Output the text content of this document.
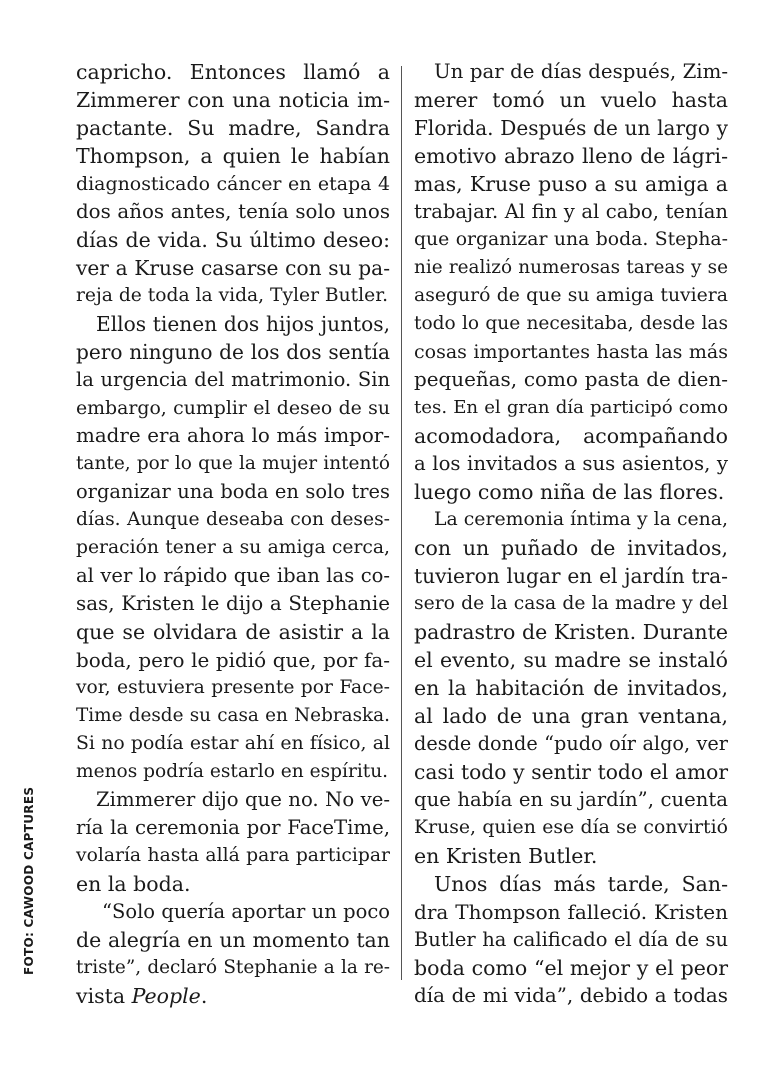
FOTO: CAWOOD CAPTURES

capricho. Entonces llamó a
Zimmerer con una noticia im-
pactante. Su madre, Sandra
Thompson, a quien le habían
diagnosticado cáncer en etapa 4
dos años antes, tenía solo unos
días de vida. Su último deseo:
ver a Kruse casarse con su pa-
reja de toda la vida, Tyler Butler.

Ellos tienen dos hijos juntos,
pero ninguno de los dos sentía
la urgencia del matrimonio. Sin
embargo, cumplir el deseo de su
madre era ahora lo más impor-
tante, por lo que la mujer intentó
organizar una boda en solo tres
días. Aunque deseaba con deses-
peración tener a su amiga cerca,
al ver lo rápido que iban las co-
sas, Kristen le dijo a Stephanie
que se olvidara de asistir a la
boda, pero le pidió que, por fa-
vor, estuviera presente por Face-
Time desde su casa en Nebraska.
Si no podía estar ahí en físico, al
menos podría estarlo en espíritu.

Zimmerer dijo que no. No ve-
ría la ceremonia por FaceTime,
volaría hasta allá para participar
en la boda.

“Solo quería aportar un poco
de alegría en un momento tan
triste”, declaró Stephanie a la re-
vista People.

Un par de días después, Zim-
merer tomó un vuelo hasta
Florida. Después de un largo y
emotivo abrazo lleno de lágri-
mas, Kruse puso a su amiga a
trabajar. Al fin y al cabo, tenían
que organizar una boda. Stepha-
nie realizó numerosas tareas y se
aseguró de que su amiga tuviera
todo lo que necesitaba, desde las
cosas importantes hasta las más
pequeñas, como pasta de dien-
tes. En el gran día participó como
acomodadora, acompañando
a los invitados a sus asientos, y
luego como niña de las flores.

La ceremonia íntima y la cena,
con un puñado de invitados,
tuvieron lugar en el jardín tra-
sero de la casa de la madre y del
padrastro de Kristen. Durante
el evento, su madre se instaló
en la habitación de invitados,
al lado de una gran ventana,
desde donde “pudo oír algo, ver
casi todo y sentir todo el amor
que había en su jardín”, cuenta
Kruse, quien ese día se convirtió
en Kristen Butler.

Unos días más tarde, San-
dra Thompson falleció. Kristen
Butler ha calificado el día de su
boda como “el mejor y el peor
día de mi vida”, debido a todas
